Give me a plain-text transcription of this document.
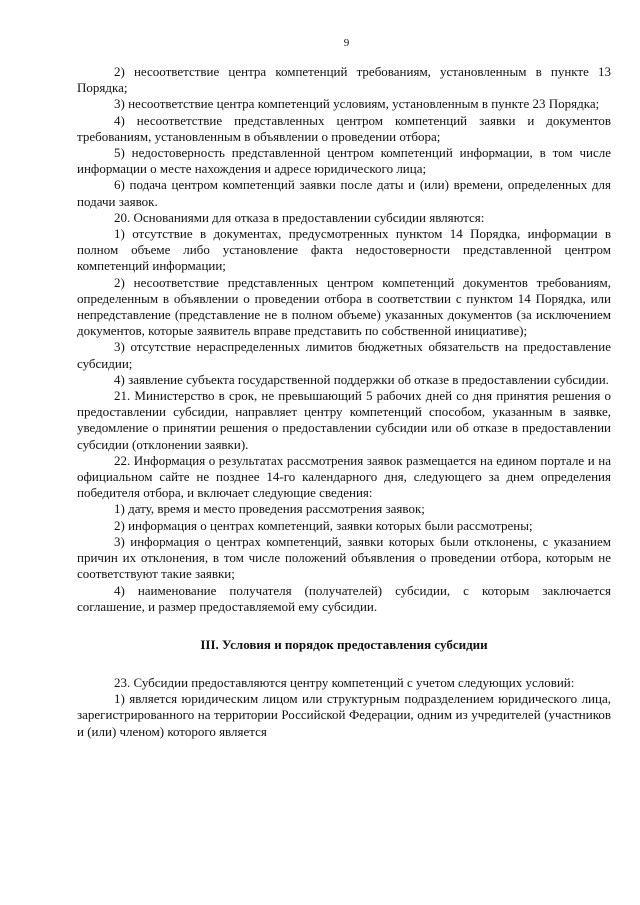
9

2) несоответствие центра компетенций требованиям, установленным в пункте 13 Порядка;

3) несоответствие центра компетенций условиям, установленным в пункте 23 Порядка;

4) несоответствие представленных центром компетенций заявки и документов требованиям, установленным в объявлении о проведении отбора;

5) недостоверность представленной центром компетенций информации, в том числе информации о месте нахождения и адресе юридического лица;

6) подача центром компетенций заявки после даты и (или) времени, определенных для подачи заявок.

20. Основаниями для отказа в предоставлении субсидии являются:

1) отсутствие в документах, предусмотренных пунктом 14 Порядка, информации в полном объеме либо установление факта недостоверности представленной центром компетенций информации;

2) несоответствие представленных центром компетенций документов требованиям, определенным в объявлении о проведении отбора в соответствии с пунктом 14 Порядка, или непредставление (представление не в полном объеме) указанных документов (за исключением документов, которые заявитель вправе представить по собственной инициативе);

3) отсутствие нераспределенных лимитов бюджетных обязательств на предоставление субсидии;

4) заявление субъекта государственной поддержки об отказе в предоставлении субсидии.

21. Министерство в срок, не превышающий 5 рабочих дней со дня принятия решения о предоставлении субсидии, направляет центру компетенций способом, указанным в заявке, уведомление о принятии решения о предоставлении субсидии или об отказе в предоставлении субсидии (отклонении заявки).

22. Информация о результатах рассмотрения заявок размещается на едином портале и на официальном сайте не позднее 14-го календарного дня, следующего за днем определения победителя отбора, и включает следующие сведения:

1) дату, время и место проведения рассмотрения заявок;

2) информация о центрах компетенций, заявки которых были рассмотрены;

3) информация о центрах компетенций, заявки которых были отклонены, с указанием причин их отклонения, в том числе положений объявления о проведении отбора, которым не соответствуют такие заявки;

4) наименование получателя (получателей) субсидии, с которым заключается соглашение, и размер предоставляемой ему субсидии.

III. Условия и порядок предоставления субсидии

23. Субсидии предоставляются центру компетенций с учетом следующих условий:

1) является юридическим лицом или структурным подразделением юридического лица, зарегистрированного на территории Российской Федерации, одним из учредителей (участников и (или) членом) которого является
